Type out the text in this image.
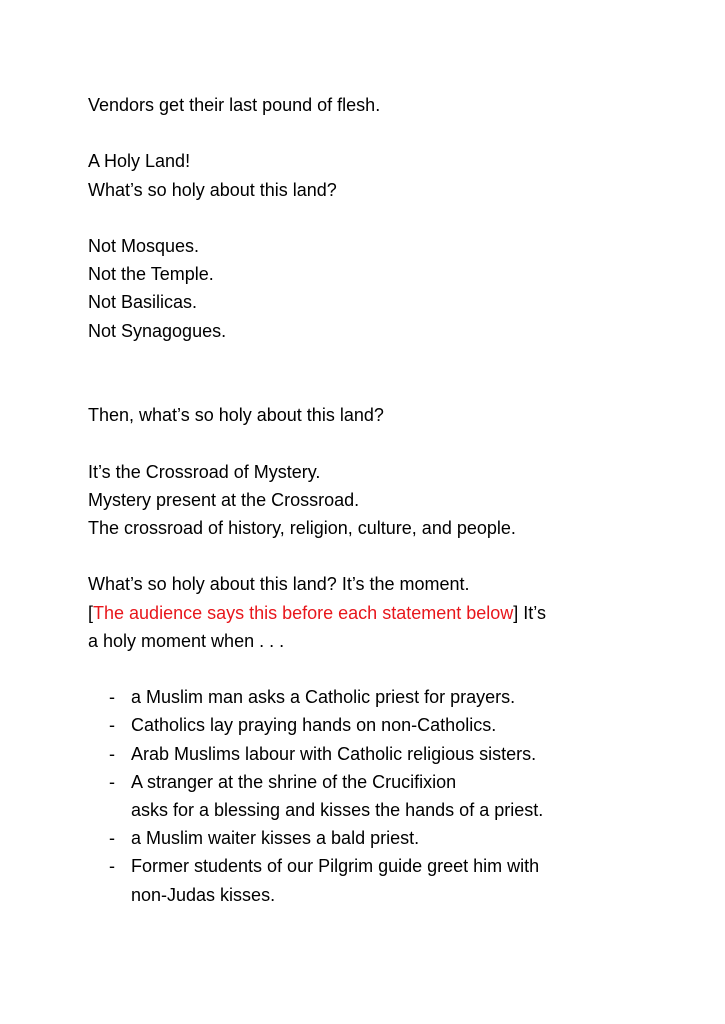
Vendors get their last pound of flesh.
A Holy Land!
What’s so holy about this land?
Not Mosques.
Not the Temple.
Not Basilicas.
Not Synagogues.
Then, what’s so holy about this land?
It’s the Crossroad of Mystery.
Mystery present at the Crossroad.
The crossroad of history, religion, culture, and people.
What’s so holy about this land? It’s the moment.
[The audience says this before each statement below] It’s
a holy moment when . . .
- a Muslim man asks a Catholic priest for prayers.
- Catholics lay praying hands on non-Catholics.
- Arab Muslims labour with Catholic religious sisters.
- A stranger at the shrine of the Crucifixion
asks for a blessing and kisses the hands of a priest.
- a Muslim waiter kisses a bald priest.
- Former students of our Pilgrim guide greet him with
non-Judas kisses.
